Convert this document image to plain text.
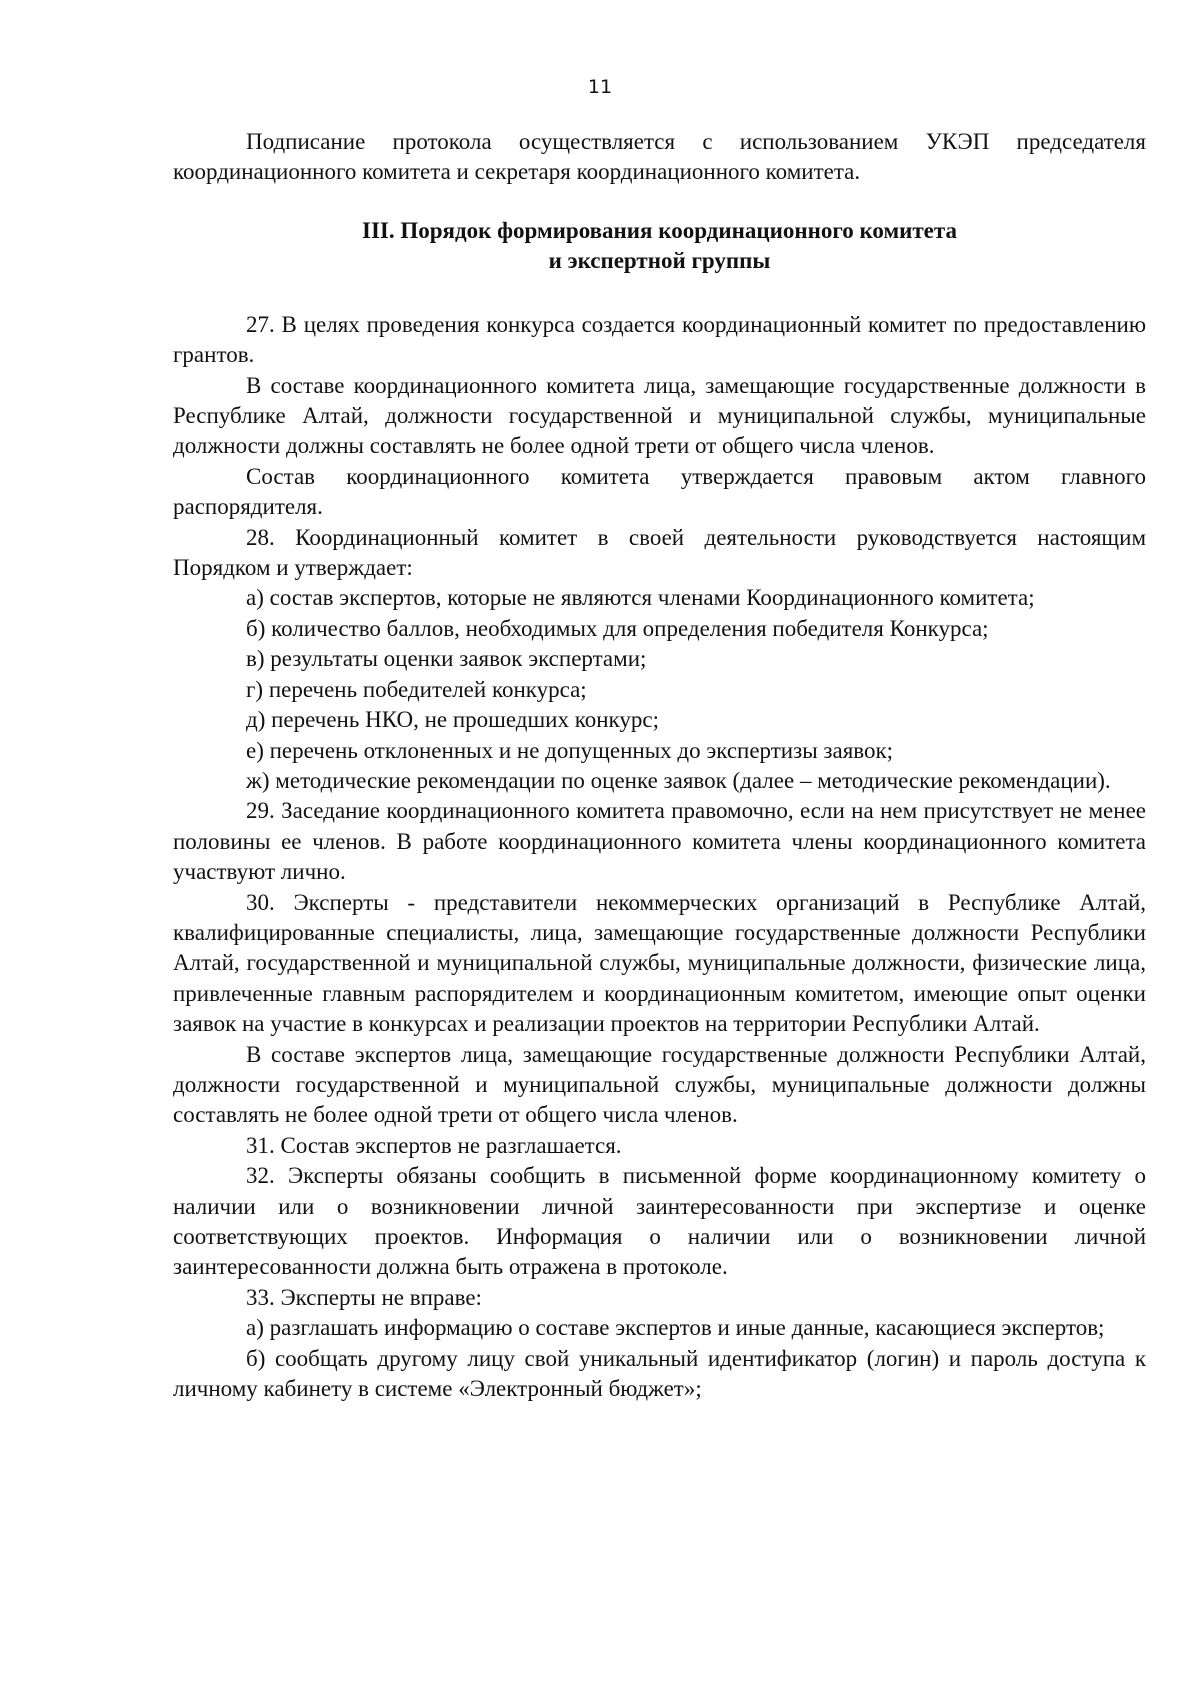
11

Подписание протокола осуществляется с использованием УКЭП председателя координационного комитета и секретаря координационного комитета.

III. Порядок формирования координационного комитета
и экспертной группы

27. В целях проведения конкурса создается координационный комитет по предоставлению грантов.

В составе координационного комитета лица, замещающие государственные должности в Республике Алтай, должности государственной и муниципальной службы, муниципальные должности должны составлять не более одной трети от общего числа членов.

Состав координационного комитета утверждается правовым актом главного распорядителя.

28. Координационный комитет в своей деятельности руководствуется настоящим Порядком и утверждает:

а) состав экспертов, которые не являются членами Координационного комитета;

б) количество баллов, необходимых для определения победителя Конкурса;

в) результаты оценки заявок экспертами;

г) перечень победителей конкурса;

д) перечень НКО, не прошедших конкурс;

е) перечень отклоненных и не допущенных до экспертизы заявок;

ж) методические рекомендации по оценке заявок (далее – методические рекомендации).

29. Заседание координационного комитета правомочно, если на нем присутствует не менее половины ее членов. В работе координационного комитета члены координационного комитета участвуют лично.

30. Эксперты - представители некоммерческих организаций в Республике Алтай, квалифицированные специалисты, лица, замещающие государственные должности Республики Алтай, государственной и муниципальной службы, муниципальные должности, физические лица, привлеченные главным распорядителем и координационным комитетом, имеющие опыт оценки заявок на участие в конкурсах и реализации проектов на территории Республики Алтай.

В составе экспертов лица, замещающие государственные должности Республики Алтай, должности государственной и муниципальной службы, муниципальные должности должны составлять не более одной трети от общего числа членов.

31. Состав экспертов не разглашается.

32. Эксперты обязаны сообщить в письменной форме координационному комитету о наличии или о возникновении личной заинтересованности при экспертизе и оценке соответствующих проектов. Информация о наличии или о возникновении личной заинтересованности должна быть отражена в протоколе.

33. Эксперты не вправе:

а) разглашать информацию о составе экспертов и иные данные, касающиеся экспертов;

б) сообщать другому лицу свой уникальный идентификатор (логин) и пароль доступа к личному кабинету в системе «Электронный бюджет»;
